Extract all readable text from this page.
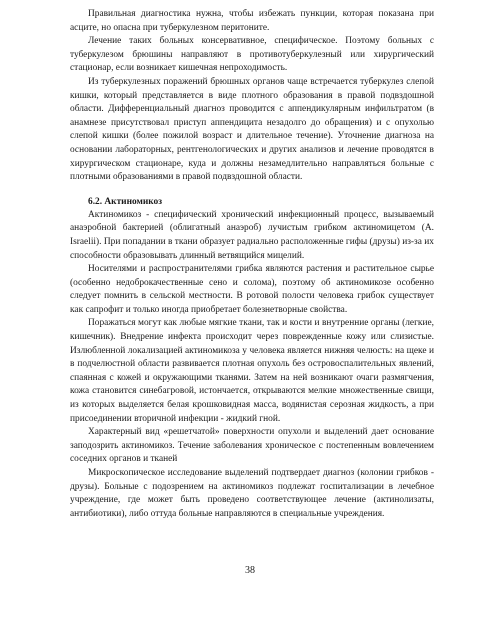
Правильная диагностика нужна, чтобы избежать пункции, которая показана при асците, но опасна при туберкулезном перитоните.

Лечение таких больных консервативное, специфическое. Поэтому больных с туберкулезом брюшины направляют в противотуберкулезный или хирургический стационар, если возникает кишечная непроходимость.

Из туберкулезных поражений брюшных органов чаще встречается туберкулез слепой кишки, который представляется в виде плотного образования в правой подвздошной области. Дифференциальный диагноз проводится с аппендикулярным инфильтратом (в анамнезе присутствовал приступ аппендицита незадолго до обращения) и с опухолью слепой кишки (более пожилой возраст и длительное течение). Уточнение диагноза на основании лабораторных, рентгенологических и других анализов и лечение проводятся в хирургическом стационаре, куда и должны незамедлительно направляться больные с плотными образованиями в правой подвздошной области.

6.2. Актиномикоз

Актиномикоз - специфический хронический инфекционный процесс, вызываемый анаэробной бактерией (облигатный анаэроб) лучистым грибком актиномицетом (A. Israelii). При попадании в ткани образует радиально расположенные гифы (друзы) из-за их способности образовывать длинный ветвящийся мицелий.

Носителями и распространителями грибка являются растения и растительное сырье (особенно недоброкачественные сено и солома), поэтому об актиномикозе особенно следует помнить в сельской местности. В ротовой полости человека грибок существует как сапрофит и только иногда приобретает болезнетворные свойства.

Поражаться могут как любые мягкие ткани, так и кости и внутренние органы (легкие, кишечник). Внедрение инфекта происходит через поврежденные кожу или слизистые. Излюбленной локализацией актиномикоза у человека является нижняя челюсть: на щеке и в подчелюстной области развивается плотная опухоль без островоспалительных явлений, спаянная с кожей и окружающими тканями. Затем на ней возникают очаги размягчения, кожа становится синебагровой, истончается, открываются мелкие множественные свищи, из которых выделяется белая крошковидная масса, водянистая серозная жидкость, а при присоединении вторичной инфекции - жидкий гной.

Характерный вид «решетчатой» поверхности опухоли и выделений дает основание заподозрить актиномикоз. Течение заболевания хроническое с постепенным вовлечением соседних органов и тканей

Микроскопическое исследование выделений подтвердает диагноз (колонии грибков - друзы). Больные с подозрением на актиномикоз подлежат госпитализации в лечебное учреждение, где может быть проведено соответствующее лечение (актинолизаты, антибиотики), либо оттуда больные направляются в специальные учреждения.

38
